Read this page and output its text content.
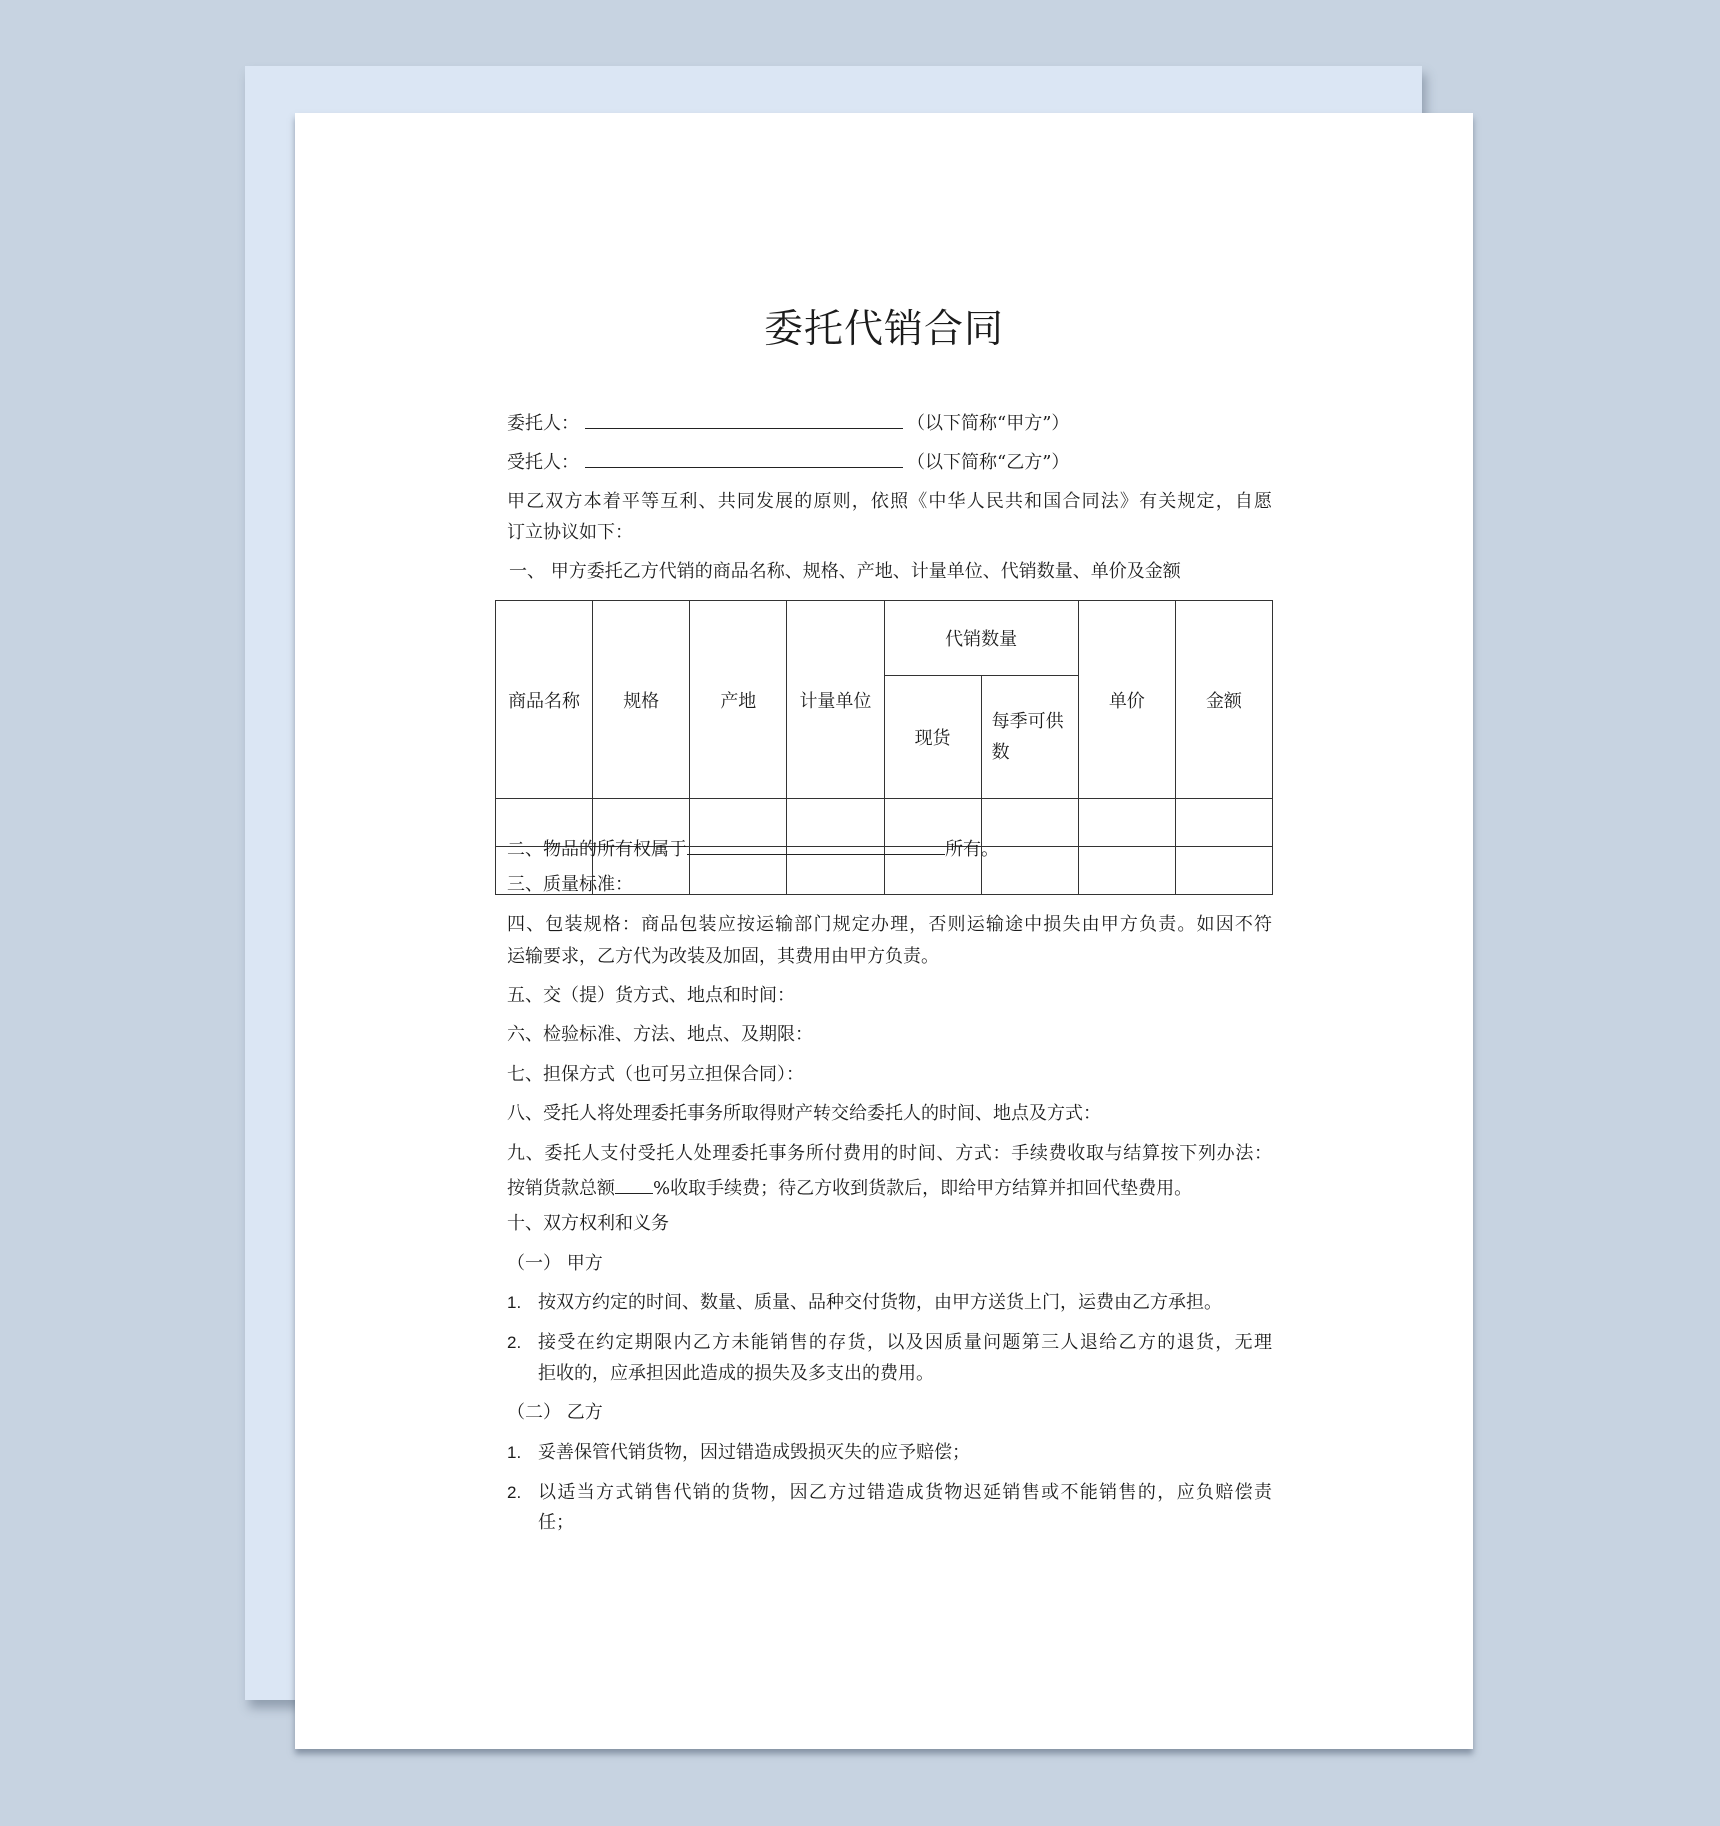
委托代销合同
委托人：	（以下简称“甲方”）
受托人：	（以下简称“乙方”）
甲乙双方本着平等互利、共同发展的原则，依照《中华人民共和国合同法》有关规定，自愿
订立协议如下：
一、 甲方委托乙方代销的商品名称、规格、产地、计量单位、代销数量、单价及金额
商品名称	规格	产地	计量单位	代销数量		单价	金额
				现货	每季可供数		

二、物品的所有权属于	所有。
三、质量标准：
四、包装规格：商品包装应按运输部门规定办理，否则运输途中损失由甲方负责。如因不符
运输要求，乙方代为改装及加固，其费用由甲方负责。
五、交（提）货方式、地点和时间：
六、检验标准、方法、地点、及期限：
七、担保方式（也可另立担保合同）：
八、受托人将处理委托事务所取得财产转交给委托人的时间、地点及方式：
九、委托人支付受托人处理委托事务所付费用的时间、方式：手续费收取与结算按下列办法：
按销货款总额 %收取手续费；待乙方收到货款后，即给甲方结算并扣回代垫费用。
十、双方权利和义务
（一） 甲方
1. 按双方约定的时间、数量、质量、品种交付货物，由甲方送货上门，运费由乙方承担。
2. 接受在约定期限内乙方未能销售的存货，以及因质量问题第三人退给乙方的退货，无理
拒收的，应承担因此造成的损失及多支出的费用。
（二） 乙方
1. 妥善保管代销货物，因过错造成毁损灭失的应予赔偿；
2. 以适当方式销售代销的货物，因乙方过错造成货物迟延销售或不能销售的，应负赔偿责
任；
